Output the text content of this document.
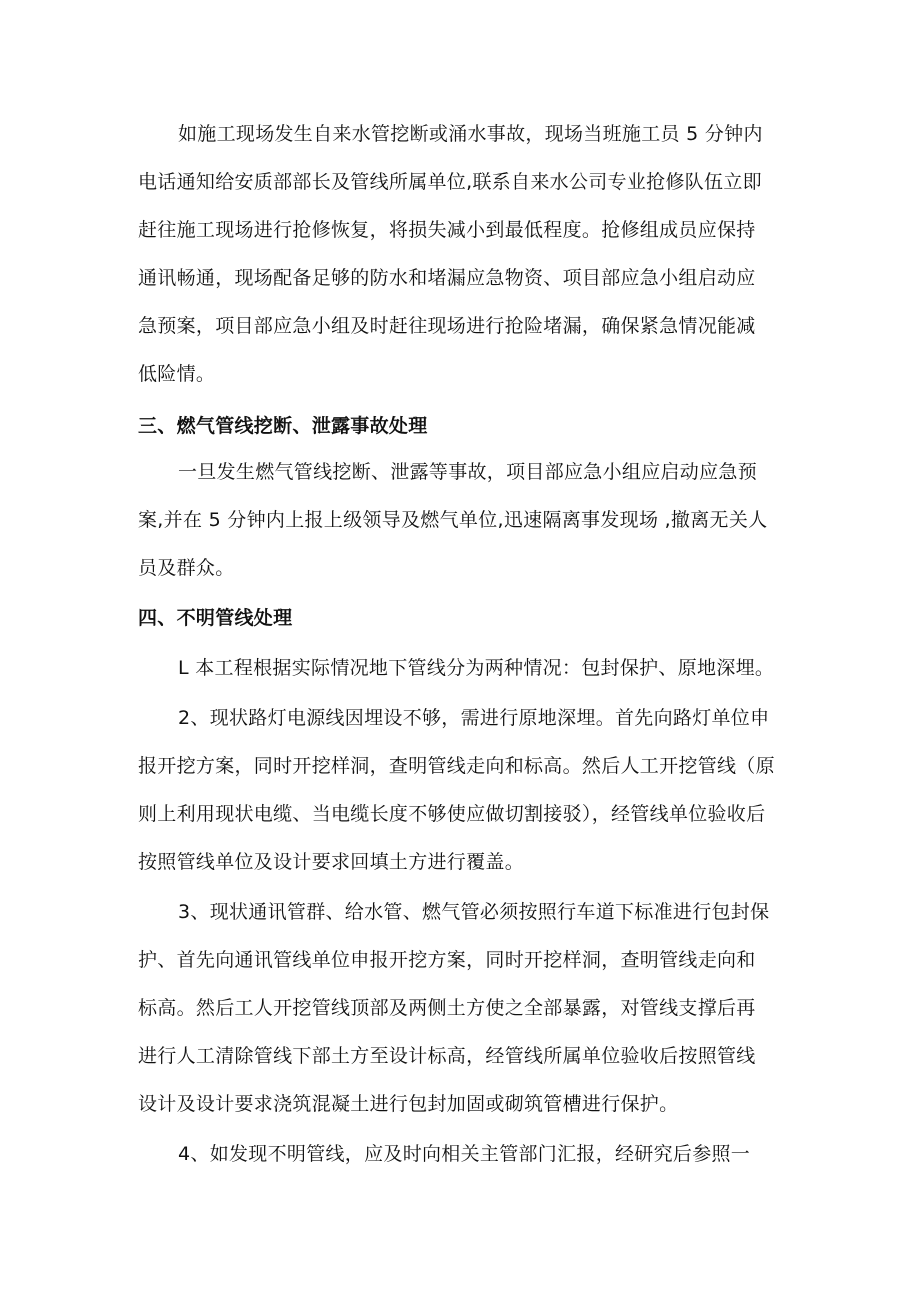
如施工现场发生自来水管挖断或涌水事故，现场当班施工员 5 分钟内
电话通知给安质部部长及管线所属单位,联系自来水公司专业抢修队伍立即
赶往施工现场进行抢修恢复，将损失减小到最低程度。抢修组成员应保持
通讯畅通，现场配备足够的防水和堵漏应急物资、项目部应急小组启动应
急预案，项目部应急小组及时赶往现场进行抢险堵漏，确保紧急情况能减
低险情。
三、燃气管线挖断、泄露事故处理
一旦发生燃气管线挖断、泄露等事故，项目部应急小组应启动应急预
案,并在 5 分钟内上报上级领导及燃气单位,迅速隔离事发现场 ,撤离无关人
员及群众。
四、不明管线处理
L 本工程根据实际情况地下管线分为两种情况：包封保护、原地深埋。
2、现状路灯电源线因埋设不够，需进行原地深埋。首先向路灯单位申
报开挖方案，同时开挖样洞，查明管线走向和标高。然后人工开挖管线（原
则上利用现状电缆、当电缆长度不够使应做切割接驳），经管线单位验收后
按照管线单位及设计要求回填土方进行覆盖。
3、现状通讯管群、给水管、燃气管必须按照行车道下标准进行包封保
护、首先向通讯管线单位申报开挖方案，同时开挖样洞，查明管线走向和
标高。然后工人开挖管线顶部及两侧土方使之全部暴露，对管线支撑后再
进行人工清除管线下部土方至设计标高，经管线所属单位验收后按照管线
设计及设计要求浇筑混凝土进行包封加固或砌筑管槽进行保护。
4、如发现不明管线，应及时向相关主管部门汇报，经研究后参照一
